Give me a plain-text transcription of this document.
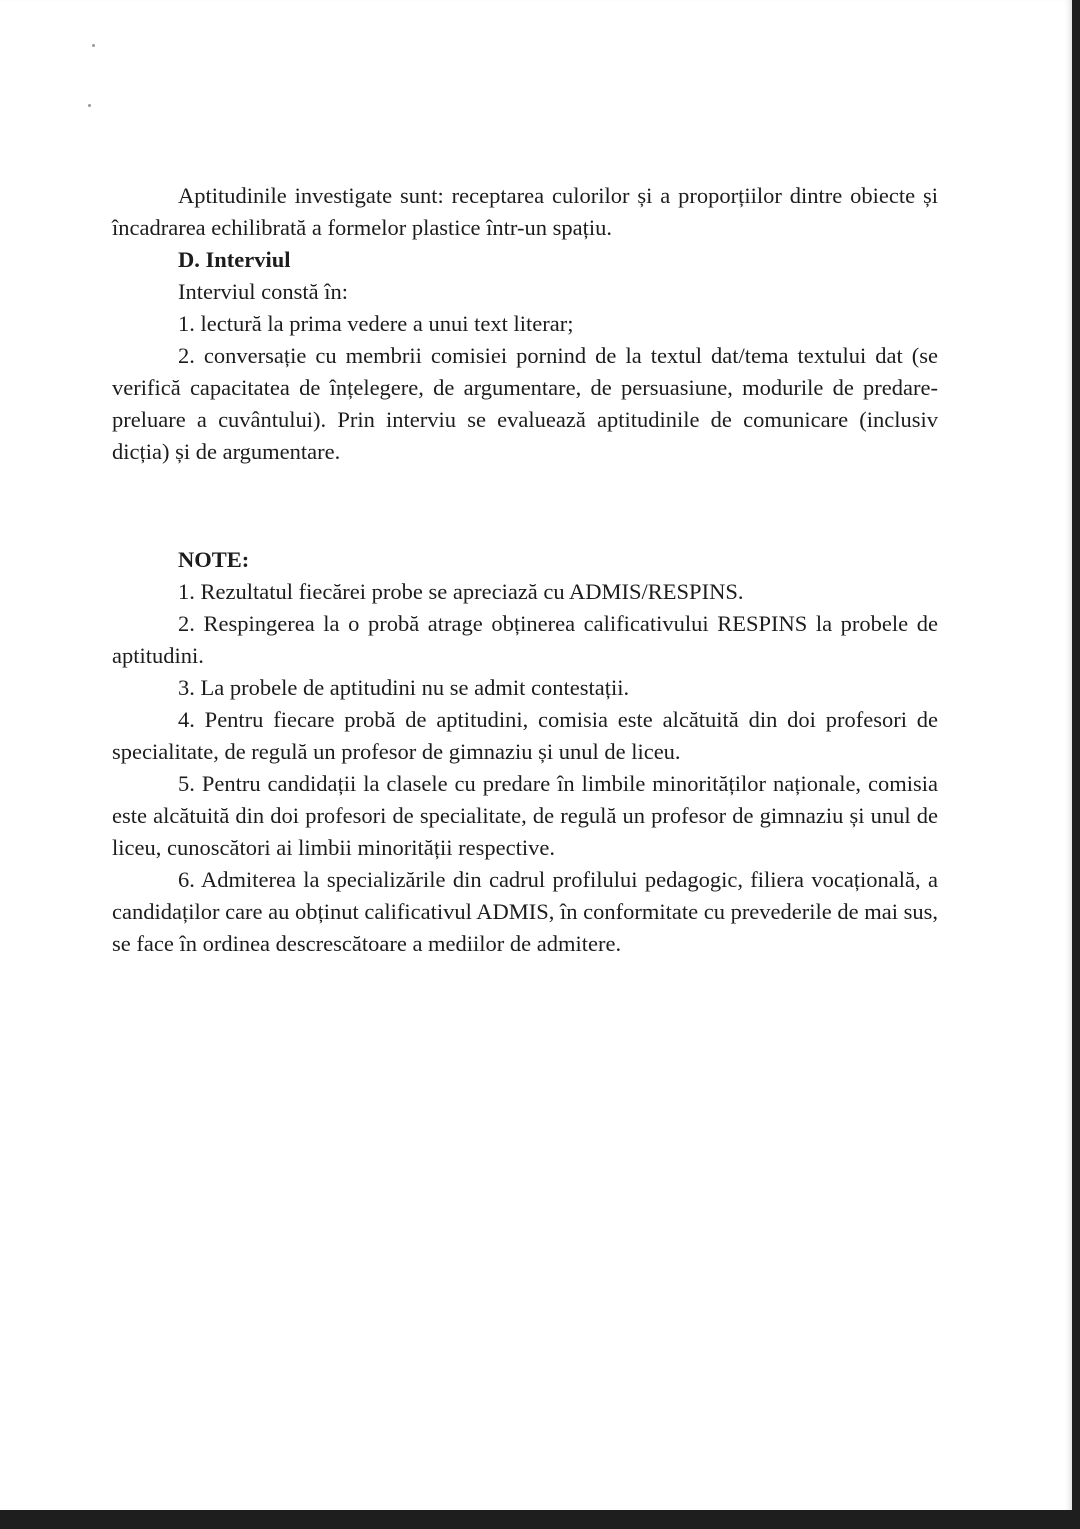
Aptitudinile investigate sunt: receptarea culorilor și a proporțiilor dintre obiecte și încadrarea echilibrată a formelor plastice într-un spațiu.

D. Interviul

Interviul constă în:

1. lectură la prima vedere a unui text literar;

2. conversație cu membrii comisiei pornind de la textul dat/tema textului dat (se verifică capacitatea de înțelegere, de argumentare, de persuasiune, modurile de predare-preluare a cuvântului). Prin interviu se evaluează aptitudinile de comunicare (inclusiv dicția) și de argumentare.

NOTE:

1. Rezultatul fiecărei probe se apreciază cu ADMIS/RESPINS.

2. Respingerea la o probă atrage obținerea calificativului RESPINS la probele de aptitudini.

3. La probele de aptitudini nu se admit contestații.

4. Pentru fiecare probă de aptitudini, comisia este alcătuită din doi profesori de specialitate, de regulă un profesor de gimnaziu și unul de liceu.

5. Pentru candidații la clasele cu predare în limbile minorităților naționale, comisia este alcătuită din doi profesori de specialitate, de regulă un profesor de gimnaziu și unul de liceu, cunoscători ai limbii minorității respective.

6. Admiterea la specializările din cadrul profilului pedagogic, filiera vocațională, a candidaților care au obținut calificativul ADMIS, în conformitate cu prevederile de mai sus, se face în ordinea descrescătoare a mediilor de admitere.
